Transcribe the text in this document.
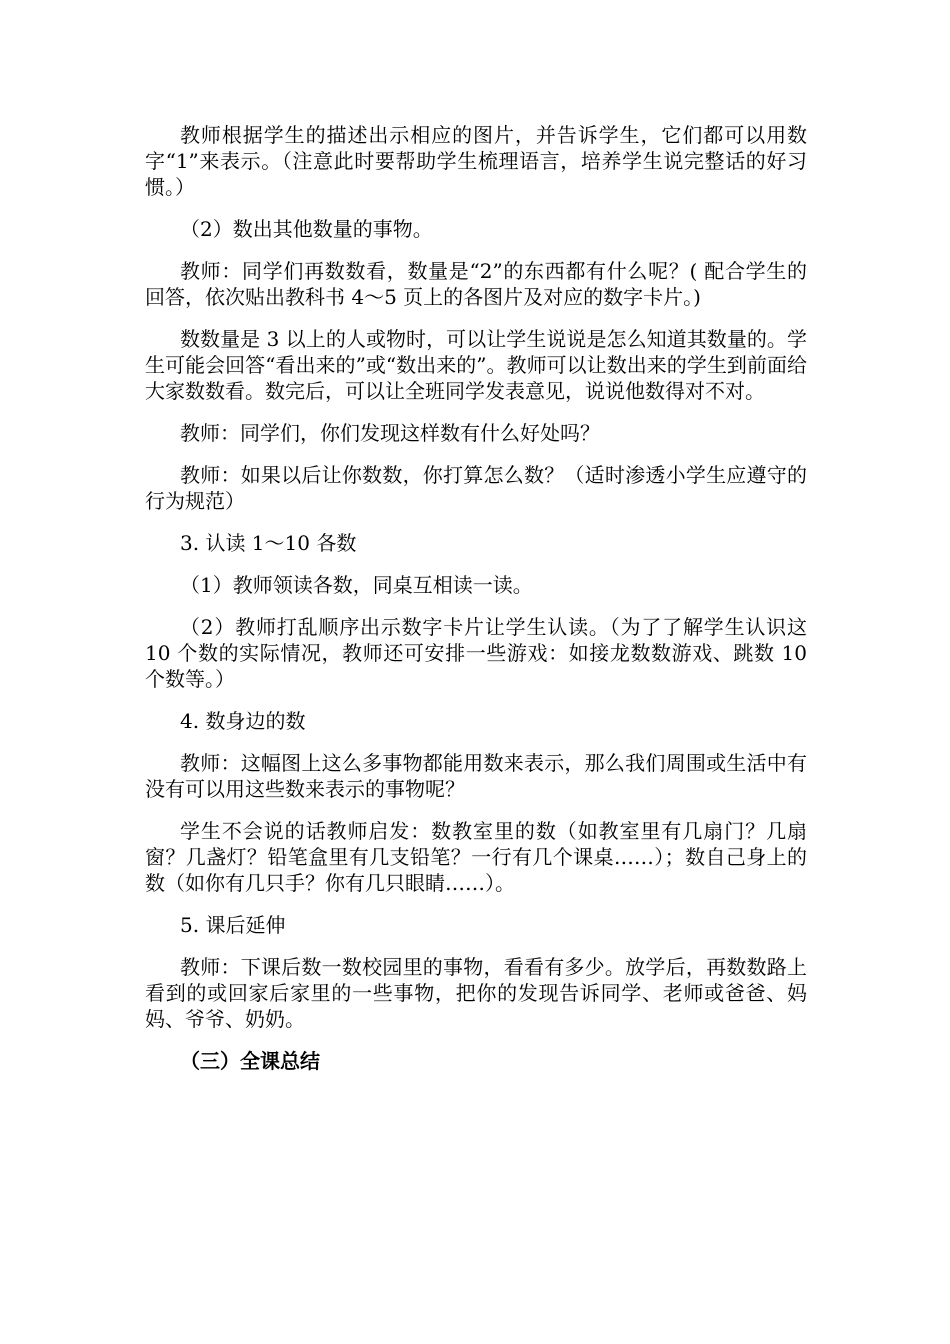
教师根据学生的描述出示相应的图片，并告诉学生，它们都可以用数字“1”来表示。（注意此时要帮助学生梳理语言，培养学生说完整话的好习惯。）

（2）数出其他数量的事物。

教师：同学们再数数看，数量是“2”的东西都有什么呢？( 配合学生的回答，依次贴出教科书 4～5 页上的各图片及对应的数字卡片。)

数数量是 3 以上的人或物时，可以让学生说说是怎么知道其数量的。学生可能会回答“看出来的”或“数出来的”。教师可以让数出来的学生到前面给大家数数看。数完后，可以让全班同学发表意见，说说他数得对不对。

教师：同学们，你们发现这样数有什么好处吗？

教师：如果以后让你数数，你打算怎么数？（适时渗透小学生应遵守的行为规范）

3. 认读 1～10 各数

（1）教师领读各数，同桌互相读一读。

（2）教师打乱顺序出示数字卡片让学生认读。（为了了解学生认识这 10 个数的实际情况，教师还可安排一些游戏：如接龙数数游戏、跳数 10 个数等。）

4. 数身边的数

教师：这幅图上这么多事物都能用数来表示，那么我们周围或生活中有没有可以用这些数来表示的事物呢？

学生不会说的话教师启发：数教室里的数（如教室里有几扇门？几扇窗？几盏灯？铅笔盒里有几支铅笔？一行有几个课桌……）；数自己身上的数（如你有几只手？你有几只眼睛……）。

5. 课后延伸

教师：下课后数一数校园里的事物，看看有多少。放学后，再数数路上看到的或回家后家里的一些事物，把你的发现告诉同学、老师或爸爸、妈妈、爷爷、奶奶。

（三）全课总结
